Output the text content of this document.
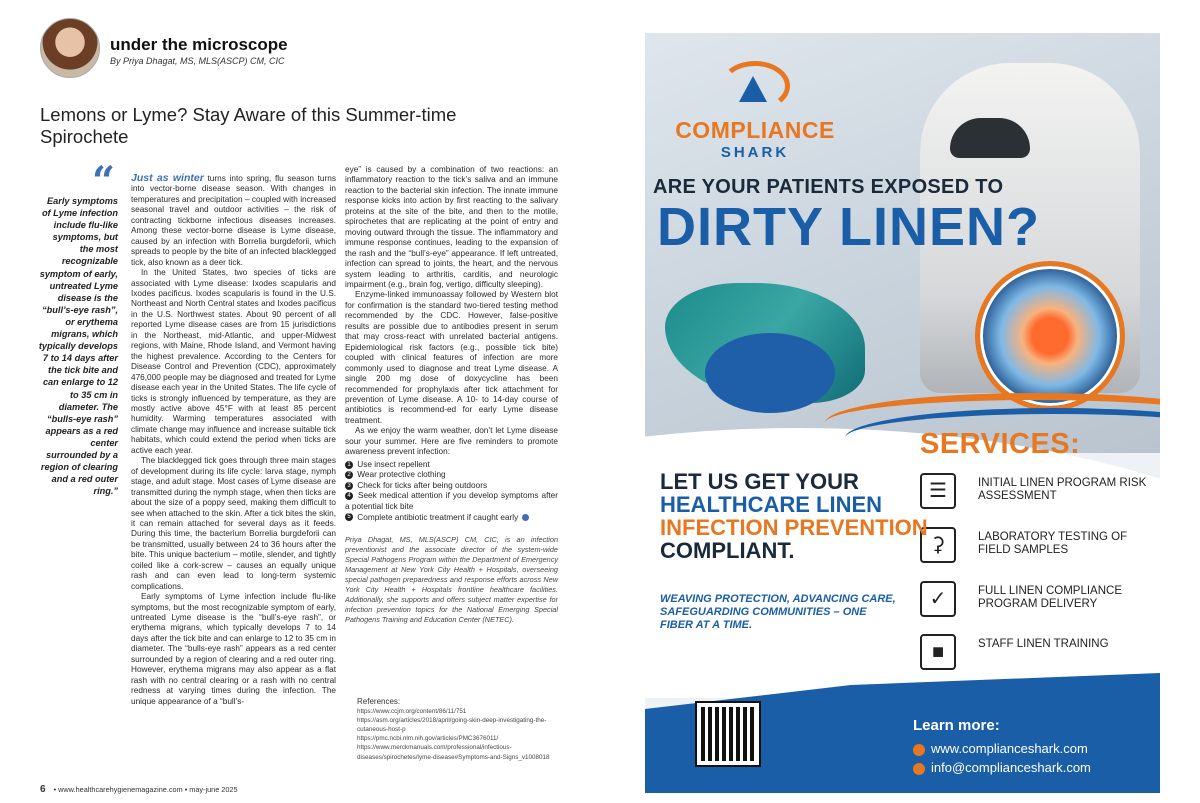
under the microscope
By Priya Dhagat, MS, MLS(ASCP) CM, CIC
Lemons or Lyme? Stay Aware of this Summer-time Spirochete
“
Early symptoms of Lyme infection include flu-like symptoms, but the most recognizable symptom of early, untreated Lyme disease is the “bull’s-eye rash”, or erythema migrans, which typically develops 7 to 14 days after the tick bite and can enlarge to 12 to 35 cm in diameter. The “bulls-eye rash” appears as a red center surrounded by a region of clearing and a red outer ring.”

Just as winter turns into spring, flu season turns into vector-borne disease season. With changes in temperatures and precipitation – coupled with increased seasonal travel and outdoor activities – the risk of contracting tickborne infectious diseases increases. Among these vector-borne disease is Lyme disease, caused by an infection with Borrelia burgdeforii, which spreads to people by the bite of an infected blacklegged tick, also known as a deer tick.

In the United States, two species of ticks are associated with Lyme disease: Ixodes scapularis and Ixodes pacificus. Ixodes scapularis is found in the U.S. Northeast and North Central states and Ixodes pacificus in the U.S. Northwest states. About 90 percent of all reported Lyme disease cases are from 15 jurisdictions in the Northeast, mid-Atlantic, and upper-Midwest regions, with Maine, Rhode Island, and Vermont having the highest prevalence. According to the Centers for Disease Control and Prevention (CDC), approximately 476,000 people may be diagnosed and treated for Lyme disease each year in the United States. The life cycle of ticks is strongly influenced by temperature, as they are mostly active above 45°F with at least 85 percent humidity. Warming temperatures associated with climate change may influence and increase suitable tick habitats, which could extend the period when ticks are active each year.

The blacklegged tick goes through three main stages of development during its life cycle: larva stage, nymph stage, and adult stage. Most cases of Lyme disease are transmitted during the nymph stage, when then ticks are about the size of a poppy seed, making them difficult to see when attached to the skin. After a tick bites the skin, it can remain attached for several days as it feeds. During this time, the bacterium Borrelia burgdeforii can be transmitted, usually between 24 to 36 hours after the bite. This unique bacterium – motile, slender, and tightly coiled like a cork-screw – causes an equally unique rash and can even lead to long-term systemic complications.

Early symptoms of Lyme infection include flu-like symptoms, but the most recognizable symptom of early, untreated Lyme disease is the “bull’s-eye rash”, or erythema migrans, which typically develops 7 to 14 days after the tick bite and can enlarge to 12 to 35 cm in diameter. The “bulls-eye rash” appears as a red center surrounded by a region of clearing and a red outer ring. However, erythema migrans may also appear as a flat rash with no central clearing or a rash with no central redness at varying times during the infection. The unique appearance of a “bull’s-

eye” is caused by a combination of two reactions: an inflammatory reaction to the tick’s saliva and an immune reaction to the bacterial skin infection. The innate immune response kicks into action by first reacting to the salivary proteins at the site of the bite, and then to the motile, spirochetes that are replicating at the point of entry and moving outward through the tissue. The inflammatory and immune response continues, leading to the expansion of the rash and the “bull’s-eye” appearance. If left untreated, infection can spread to joints, the heart, and the nervous system leading to arthritis, carditis, and neurologic impairment (e.g., brain fog, vertigo, difficulty sleeping).

Enzyme-linked immunoassay followed by Western blot for confirmation is the standard two-tiered testing method recommended by the CDC. However, false-positive results are possible due to antibodies present in serum that may cross-react with unrelated bacterial antigens. Epidemiological risk factors (e.g., possible tick bite) coupled with clinical features of infection are more commonly used to diagnose and treat Lyme disease. A single 200 mg dose of doxycycline has been recommended for prophylaxis after tick attachment for prevention of Lyme disease. A 10- to 14-day course of antibiotics is recommend-ed for early Lyme disease treatment.

As we enjoy the warm weather, don’t let Lyme disease sour your summer. Here are five reminders to promote awareness prevent infection:

1 Use insect repellent
2 Wear protective clothing
3 Check for ticks after being outdoors
4 Seek medical attention if you develop symptoms after a potential tick bite
5 Complete antibiotic treatment if caught early

Priya Dhagat, MS, MLS(ASCP) CM, CIC, is an infection preventionist and the associate director of the system-wide Special Pathogens Program within the Department of Emergency Management at New York City Health + Hospitals, overseeing special pathogen preparedness and response efforts across New York City Health + Hospitals frontline healthcare facilities. Additionally, she supports and offers subject matter expertise for infection prevention topics for the National Emerging Special Pathogens Training and Education Center (NETEC).

References:
https://www.ccjm.org/content/86/11/751
https://asm.org/articles/2018/april/going-skin-deep-investigating-the-cutaneous-host-p
https://pmc.ncbi.nlm.nih.gov/articles/PMC3676011/
https://www.merckmanuals.com/professional/infectious-diseases/spirochetes/lyme-disease#Symptoms-and-Signs_v1008018
6 • www.healthcarehygienemagazine.com • may-june 2025
COMPLIANCE
SHARK
ARE YOUR PATIENTS EXPOSED TO
DIRTY LINEN?
SERVICES:
☰	INITIAL LINEN PROGRAM RISK ASSESSMENT
⚳	LABORATORY TESTING OF FIELD SAMPLES
✓	FULL LINEN COMPLIANCE PROGRAM DELIVERY
■	STAFF LINEN TRAINING
LET US GET YOUR
HEALTHCARE LINEN
INFECTION PREVENTION
COMPLIANT.
WEAVING PROTECTION, ADVANCING CARE, SAFEGUARDING COMMUNITIES – ONE FIBER AT A TIME.
Learn more:
www.complianceshark.com
info@complianceshark.com
